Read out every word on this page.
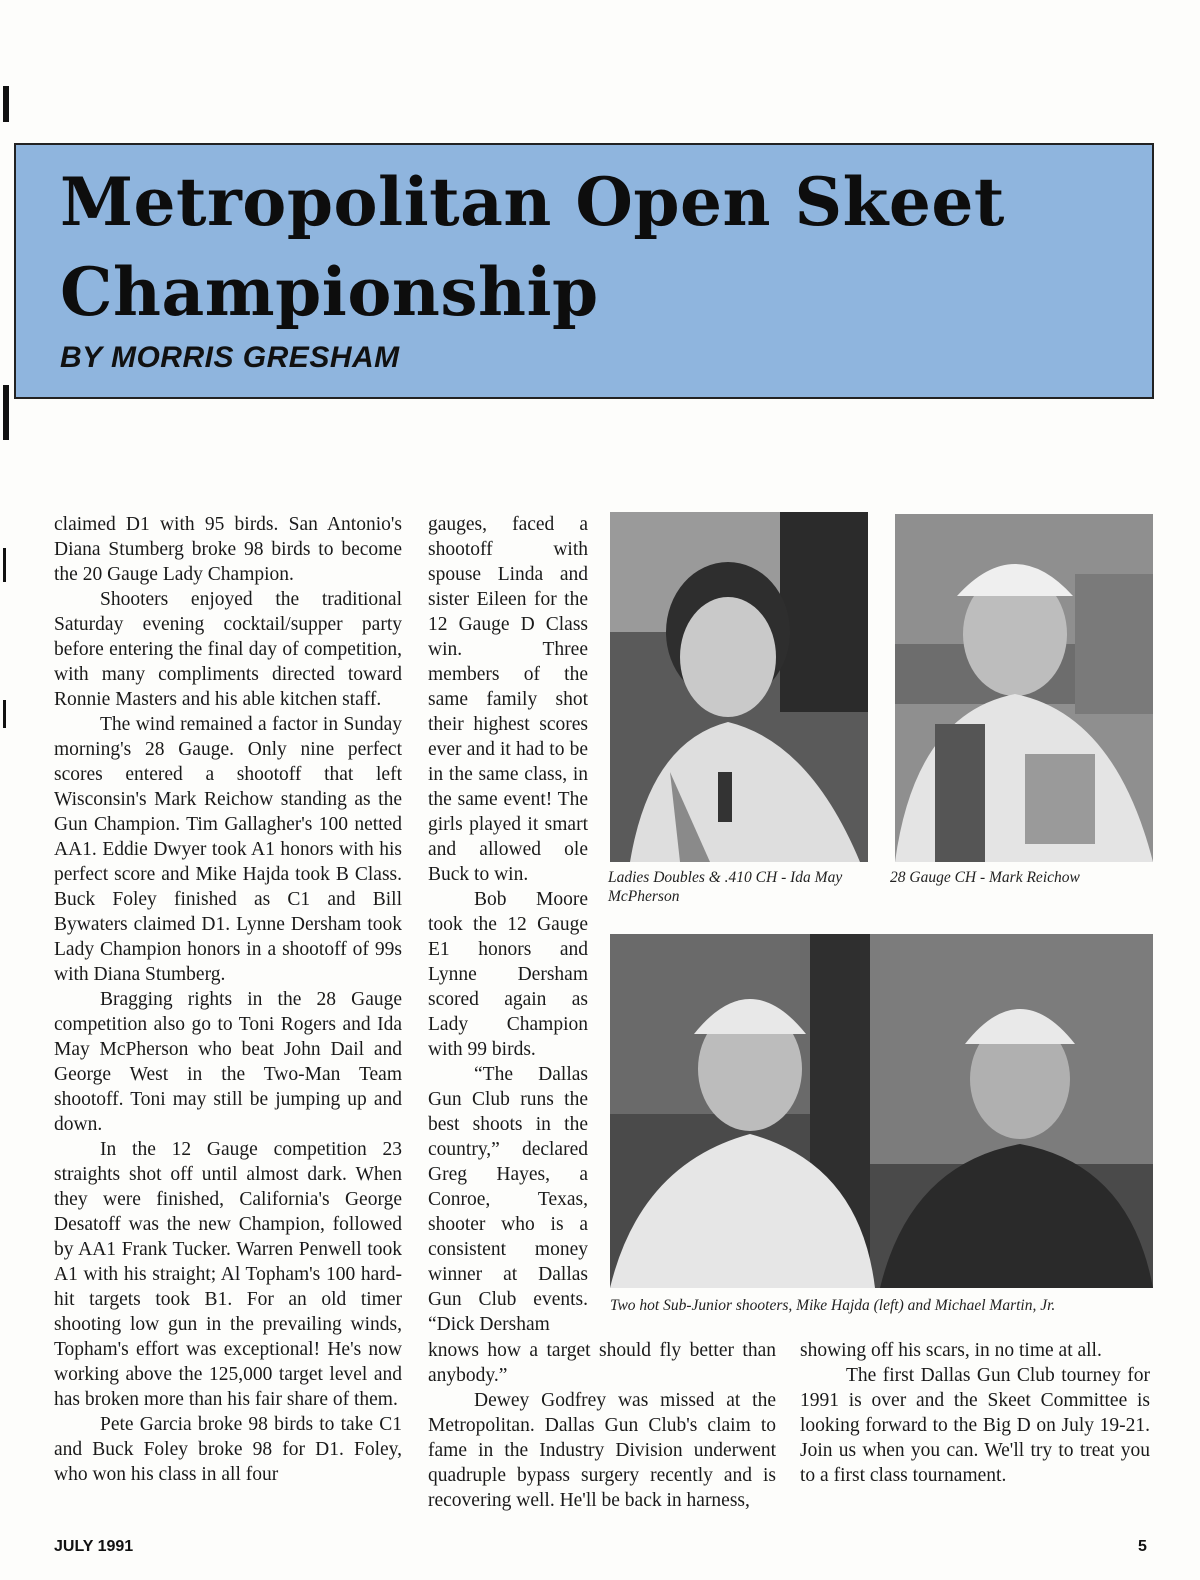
Metropolitan Open Skeet Championship
BY MORRIS GRESHAM

claimed D1 with 95 birds. San Antonio's Diana Stumberg broke 98 birds to become the 20 Gauge Lady Champion.

Shooters enjoyed the traditional Saturday evening cocktail/supper party before entering the final day of competition, with many compliments directed toward Ronnie Masters and his able kitchen staff.

The wind remained a factor in Sunday morning's 28 Gauge. Only nine perfect scores entered a shootoff that left Wisconsin's Mark Reichow standing as the Gun Champion. Tim Gallagher's 100 netted AA1. Eddie Dwyer took A1 honors with his perfect score and Mike Hajda took B Class. Buck Foley finished as C1 and Bill Bywaters claimed D1. Lynne Dersham took Lady Champion honors in a shootoff of 99s with Diana Stumberg.

Bragging rights in the 28 Gauge competition also go to Toni Rogers and Ida May McPherson who beat John Dail and George West in the Two-Man Team shootoff. Toni may still be jumping up and down.

In the 12 Gauge competition 23 straights shot off until almost dark. When they were finished, California's George Desatoff was the new Champion, followed by AA1 Frank Tucker. Warren Penwell took A1 with his straight; Al Topham's 100 hard-hit targets took B1. For an old timer shooting low gun in the prevailing winds, Topham's effort was exceptional! He's now working above the 125,000 target level and has broken more than his fair share of them.

Pete Garcia broke 98 birds to take C1 and Buck Foley broke 98 for D1. Foley, who won his class in all four

gauges, faced a shootoff with spouse Linda and sister Eileen for the 12 Gauge D Class win. Three members of the same family shot their highest scores ever and it had to be in the same class, in the same event! The girls played it smart and allowed ole Buck to win.

Bob Moore took the 12 Gauge E1 honors and Lynne Dersham scored again as Lady Champion with 99 birds.

“The Dallas Gun Club runs the best shoots in the country,” declared Greg Hayes, a Conroe, Texas, shooter who is a consistent money winner at Dallas Gun Club events. “Dick Dersham

knows how a target should fly better than anybody.”

Dewey Godfrey was missed at the Metropolitan. Dallas Gun Club's claim to fame in the Industry Division underwent quadruple bypass surgery recently and is recovering well. He'll be back in harness,

showing off his scars, in no time at all.

The first Dallas Gun Club tourney for 1991 is over and the Skeet Committee is looking forward to the Big D on July 19-21. Join us when you can. We'll try to treat you to a first class tournament.

Ladies Doubles & .410 CH - Ida May McPherson
28 Gauge CH - Mark Reichow
Two hot Sub-Junior shooters, Mike Hajda (left) and Michael Martin, Jr.
JULY 1991	5
